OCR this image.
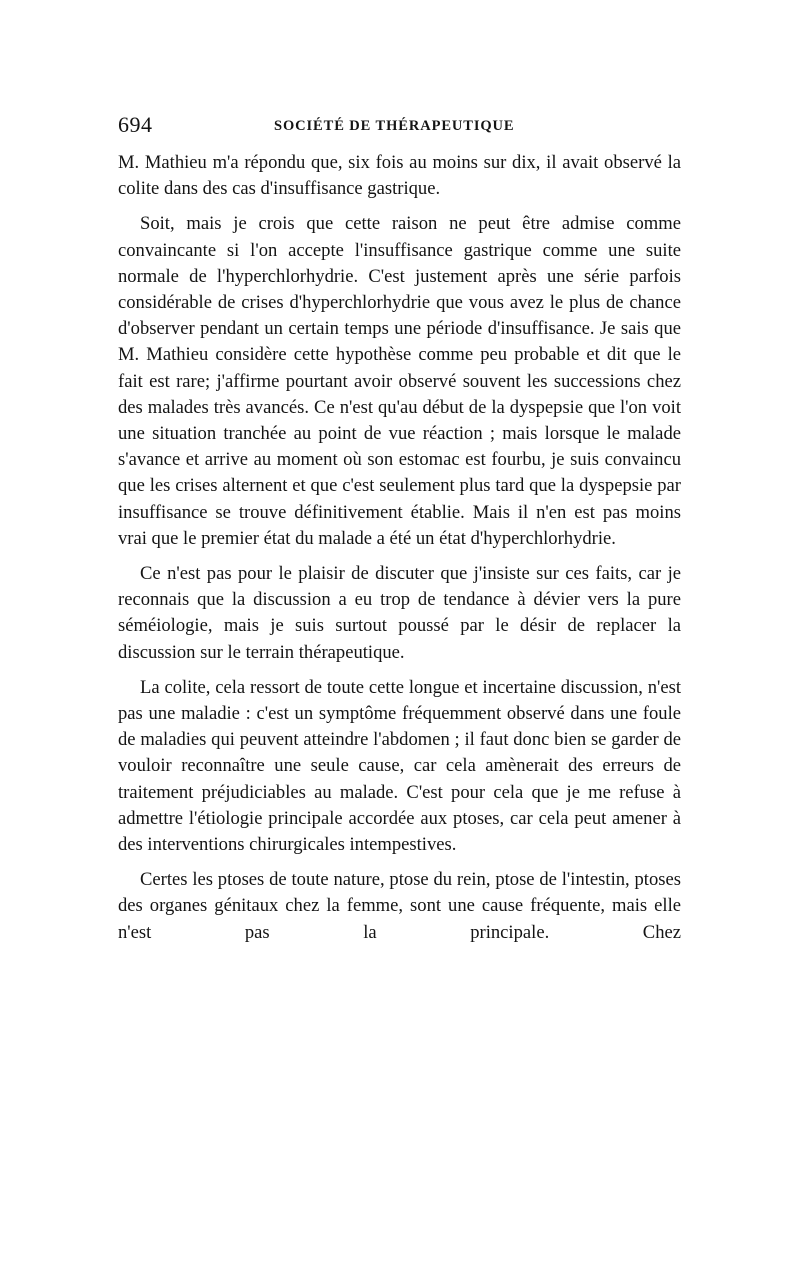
694	SOCIÉTÉ DE THÉRAPEUTIQUE

M. Mathieu m'a répondu que, six fois au moins sur dix, il avait observé la colite dans des cas d'insuffisance gastrique.

Soit, mais je crois que cette raison ne peut être admise comme convaincante si l'on accepte l'insuffisance gastrique comme une suite normale de l'hyperchlorhydrie. C'est justement après une série parfois considérable de crises d'hyperchlorhydrie que vous avez le plus de chance d'observer pendant un certain temps une période d'insuffisance. Je sais que M. Mathieu considère cette hypothèse comme peu probable et dit que le fait est rare; j'affirme pourtant avoir observé souvent les successions chez des malades très avancés. Ce n'est qu'au début de la dyspepsie que l'on voit une situation tranchée au point de vue réaction ; mais lorsque le malade s'avance et arrive au moment où son estomac est fourbu, je suis convaincu que les crises alternent et que c'est seulement plus tard que la dyspepsie par insuffisance se trouve définitivement établie. Mais il n'en est pas moins vrai que le premier état du malade a été un état d'hyperchlorhydrie.

Ce n'est pas pour le plaisir de discuter que j'insiste sur ces faits, car je reconnais que la discussion a eu trop de tendance à dévier vers la pure séméiologie, mais je suis surtout poussé par le désir de replacer la discussion sur le terrain thérapeutique.

La colite, cela ressort de toute cette longue et incertaine discussion, n'est pas une maladie : c'est un symptôme fréquemment observé dans une foule de maladies qui peuvent atteindre l'abdomen ; il faut donc bien se garder de vouloir reconnaître une seule cause, car cela amènerait des erreurs de traitement préjudiciables au malade. C'est pour cela que je me refuse à admettre l'étiologie principale accordée aux ptoses, car cela peut amener à des interventions chirurgicales intempestives.

Certes les ptoses de toute nature, ptose du rein, ptose de l'intestin, ptoses des organes génitaux chez la femme, sont une cause fréquente, mais elle n'est pas la principale. Chez
